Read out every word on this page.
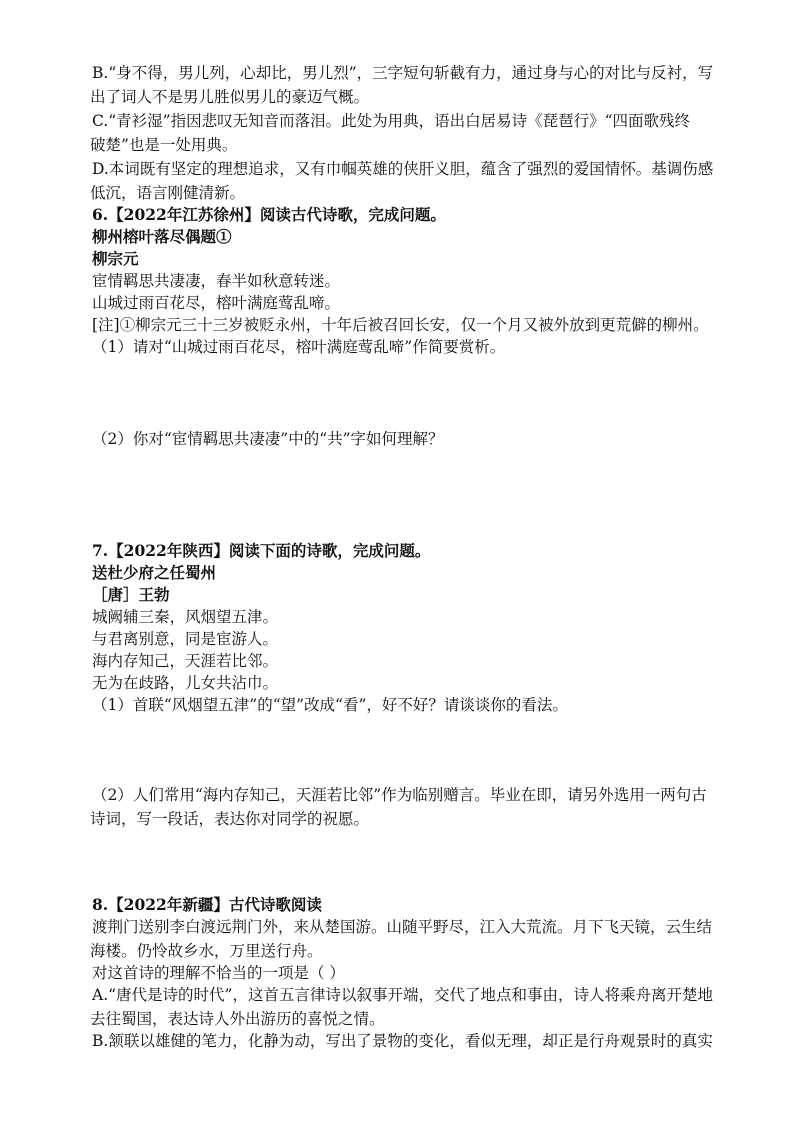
B.“身不得，男儿列，心却比，男儿烈”，三字短句斩截有力，通过身与心的对比与反衬，写
出了词人不是男儿胜似男儿的豪迈气概。
C.“青衫湿”指因悲叹无知音而落泪。此处为用典，语出白居易诗《琵琶行》“四面歌残终
破楚”也是一处用典。
D.本词既有坚定的理想追求，又有巾帼英雄的侠肝义胆，蕴含了强烈的爱国情怀。基调伤感
低沉，语言刚健清新。
6.【2022年江苏徐州】阅读古代诗歌，完成问题。
柳州榕叶落尽偶题①
柳宗元
宦情羁思共凄凄，春半如秋意转迷。
山城过雨百花尽，榕叶满庭莺乱啼。
[注]①柳宗元三十三岁被贬永州，十年后被召回长安，仅一个月又被外放到更荒僻的柳州。
（1）请对“山城过雨百花尽，榕叶满庭莺乱啼”作简要赏析。
（2）你对“宦情羁思共凄凄”中的“共”字如何理解？
7.【2022年陕西】阅读下面的诗歌，完成问题。
送杜少府之任蜀州
［唐］王勃
城阙辅三秦，风烟望五津。
与君离别意，同是宦游人。
海内存知己，天涯若比邻。
无为在歧路，儿女共沾巾。
（1）首联“风烟望五津”的“望”改成“看”，好不好？请谈谈你的看法。
（2）人们常用“海内存知己，天涯若比邻”作为临别赠言。毕业在即，请另外选用一两句古
诗词，写一段话，表达你对同学的祝愿。
8.【2022年新疆】古代诗歌阅读
渡荆门送别李白渡远荆门外，来从楚国游。山随平野尽，江入大荒流。月下飞天镜，云生结
海楼。仍怜故乡水，万里送行舟。
对这首诗的理解不恰当的一项是（ ）
A.“唐代是诗的时代”，这首五言律诗以叙事开端，交代了地点和事由，诗人将乘舟离开楚地
去往蜀国，表达诗人外出游历的喜悦之情。
B.颔联以雄健的笔力，化静为动，写出了景物的变化，看似无理，却正是行舟观景时的真实
